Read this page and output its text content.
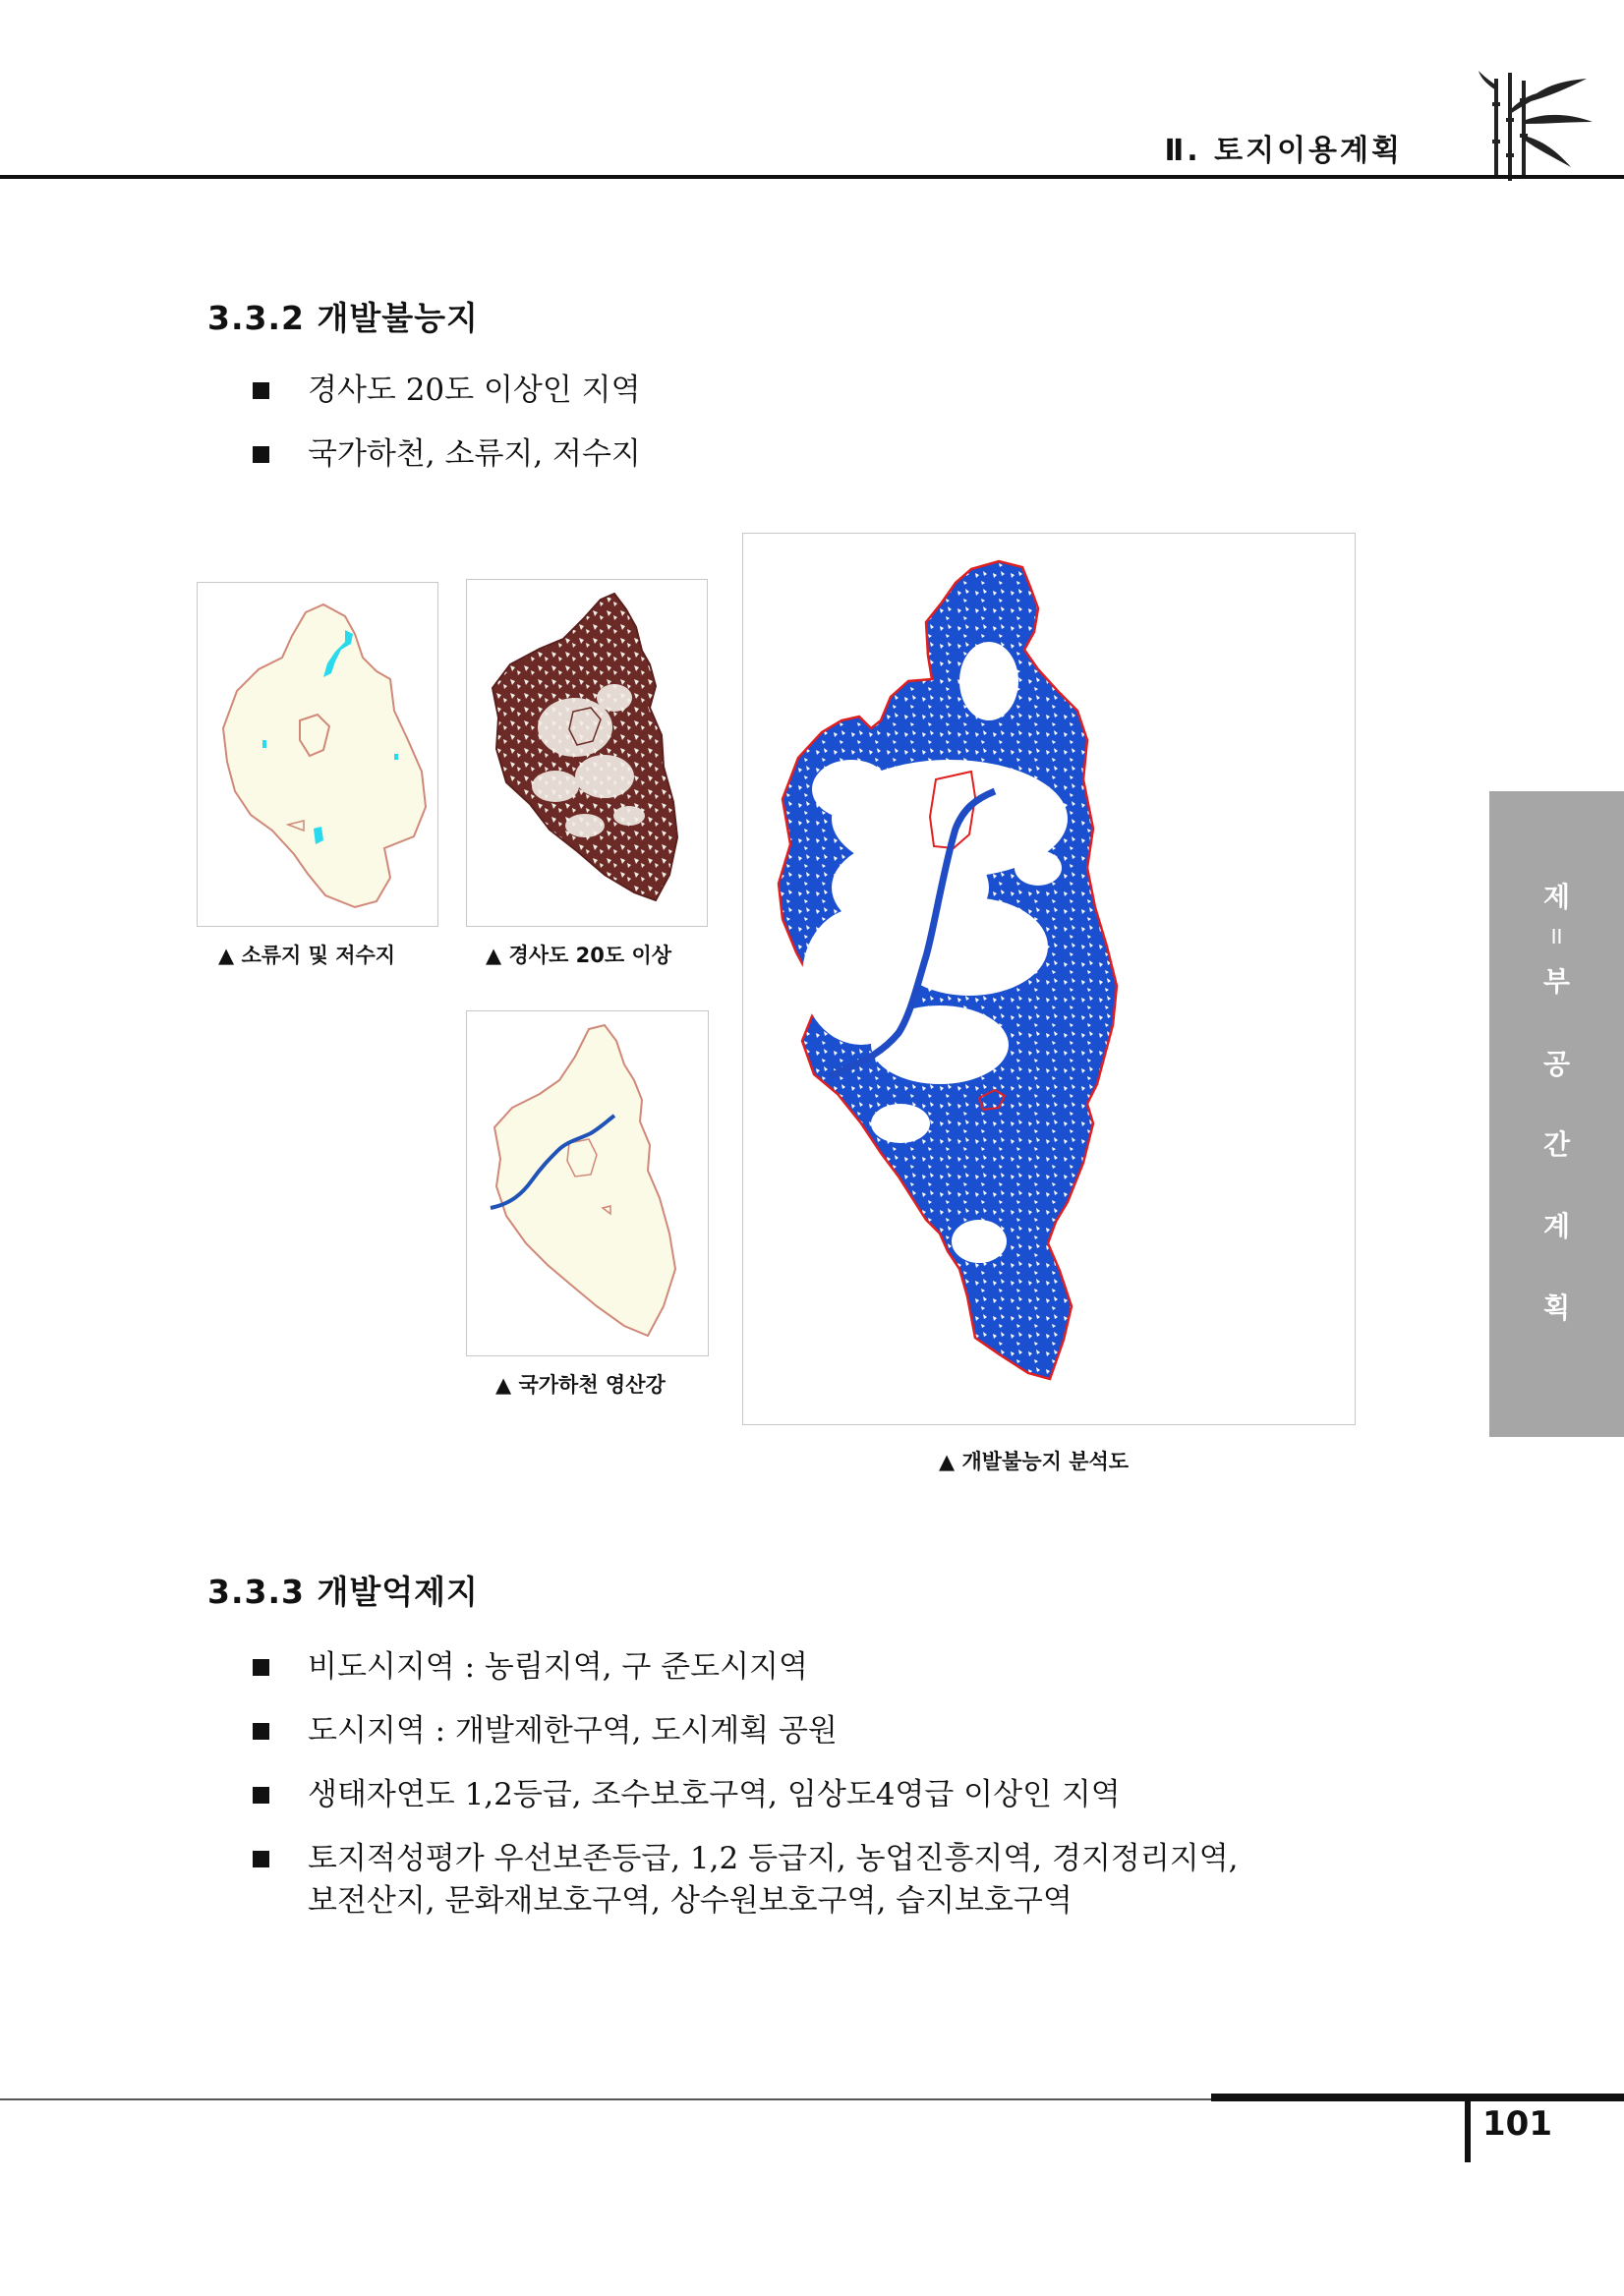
Ⅱ. 토지이용계획
3.3.2 개발불능지
경사도 20도 이상인 지역
국가하천, 소류지, 저수지
▲ 소류지 및 저수지	▲ 경사도 20도 이상
▲ 국가하천 영산강
▲ 개발불능지 분석도
제
II
부
공
간
계
획
3.3.3 개발억제지
비도시지역 : 농림지역, 구 준도시지역
도시지역 : 개발제한구역, 도시계획 공원
생태자연도 1,2등급, 조수보호구역, 임상도4영급 이상인 지역
토지적성평가 우선보존등급, 1,2 등급지, 농업진흥지역, 경지정리지역,
보전산지, 문화재보호구역, 상수원보호구역, 습지보호구역
101
